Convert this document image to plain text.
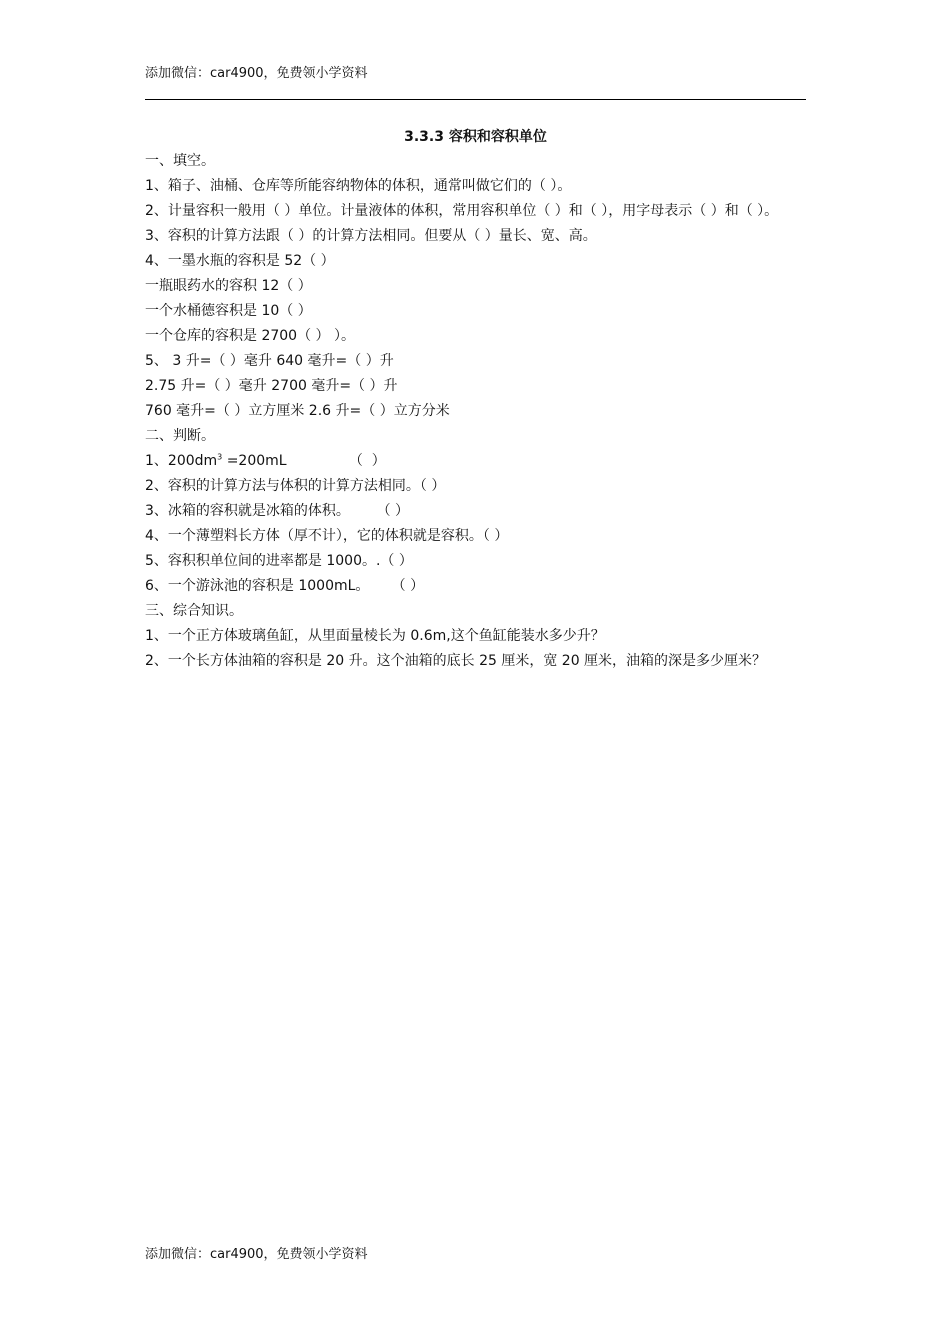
添加微信：car4900，免费领小学资料
3.3.3 容积和容积单位
一、填空。
1、箱子、油桶、仓库等所能容纳物体的体积，通常叫做它们的（ ）。
2、计量容积一般用（ ）单位。计量液体的体积，常用容积单位（ ）和（ ），用字母表示（ ）和（ ）。
3、容积的计算方法跟（ ）的计算方法相同。但要从（ ）量长、宽、高。
4、一墨水瓶的容积是 52（ ）
一瓶眼药水的容积 12（ ）
一个水桶德容积是 10（ ）
一个仓库的容积是 2700（ ） ）。
5、 3 升=（ ）毫升 640 毫升=（ ）升
2.75 升=（ ）毫升 2700 毫升=（ ）升
760 毫升=（ ）立方厘米 2.6 升=（ ）立方分米
二、判断。
1、$200dm^3 =200mL$              （  ）
2、容积的计算方法与体积的计算方法相同。（ ）
3、冰箱的容积就是冰箱的体积。      （ ）
4、一个薄塑料长方体（厚不计），它的体积就是容积。（ ）
5、容积积单位间的进率都是 1000。.（ ）
6、一个游泳池的容积是 1000mL。     （ ）
三、综合知识。
1、一个正方体玻璃鱼缸，从里面量棱长为 0.6m,这个鱼缸能装水多少升？
2、一个长方体油箱的容积是 20 升。这个油箱的底长 25 厘米，宽 20 厘米，油箱的深是多少厘米？
添加微信：car4900，免费领小学资料
